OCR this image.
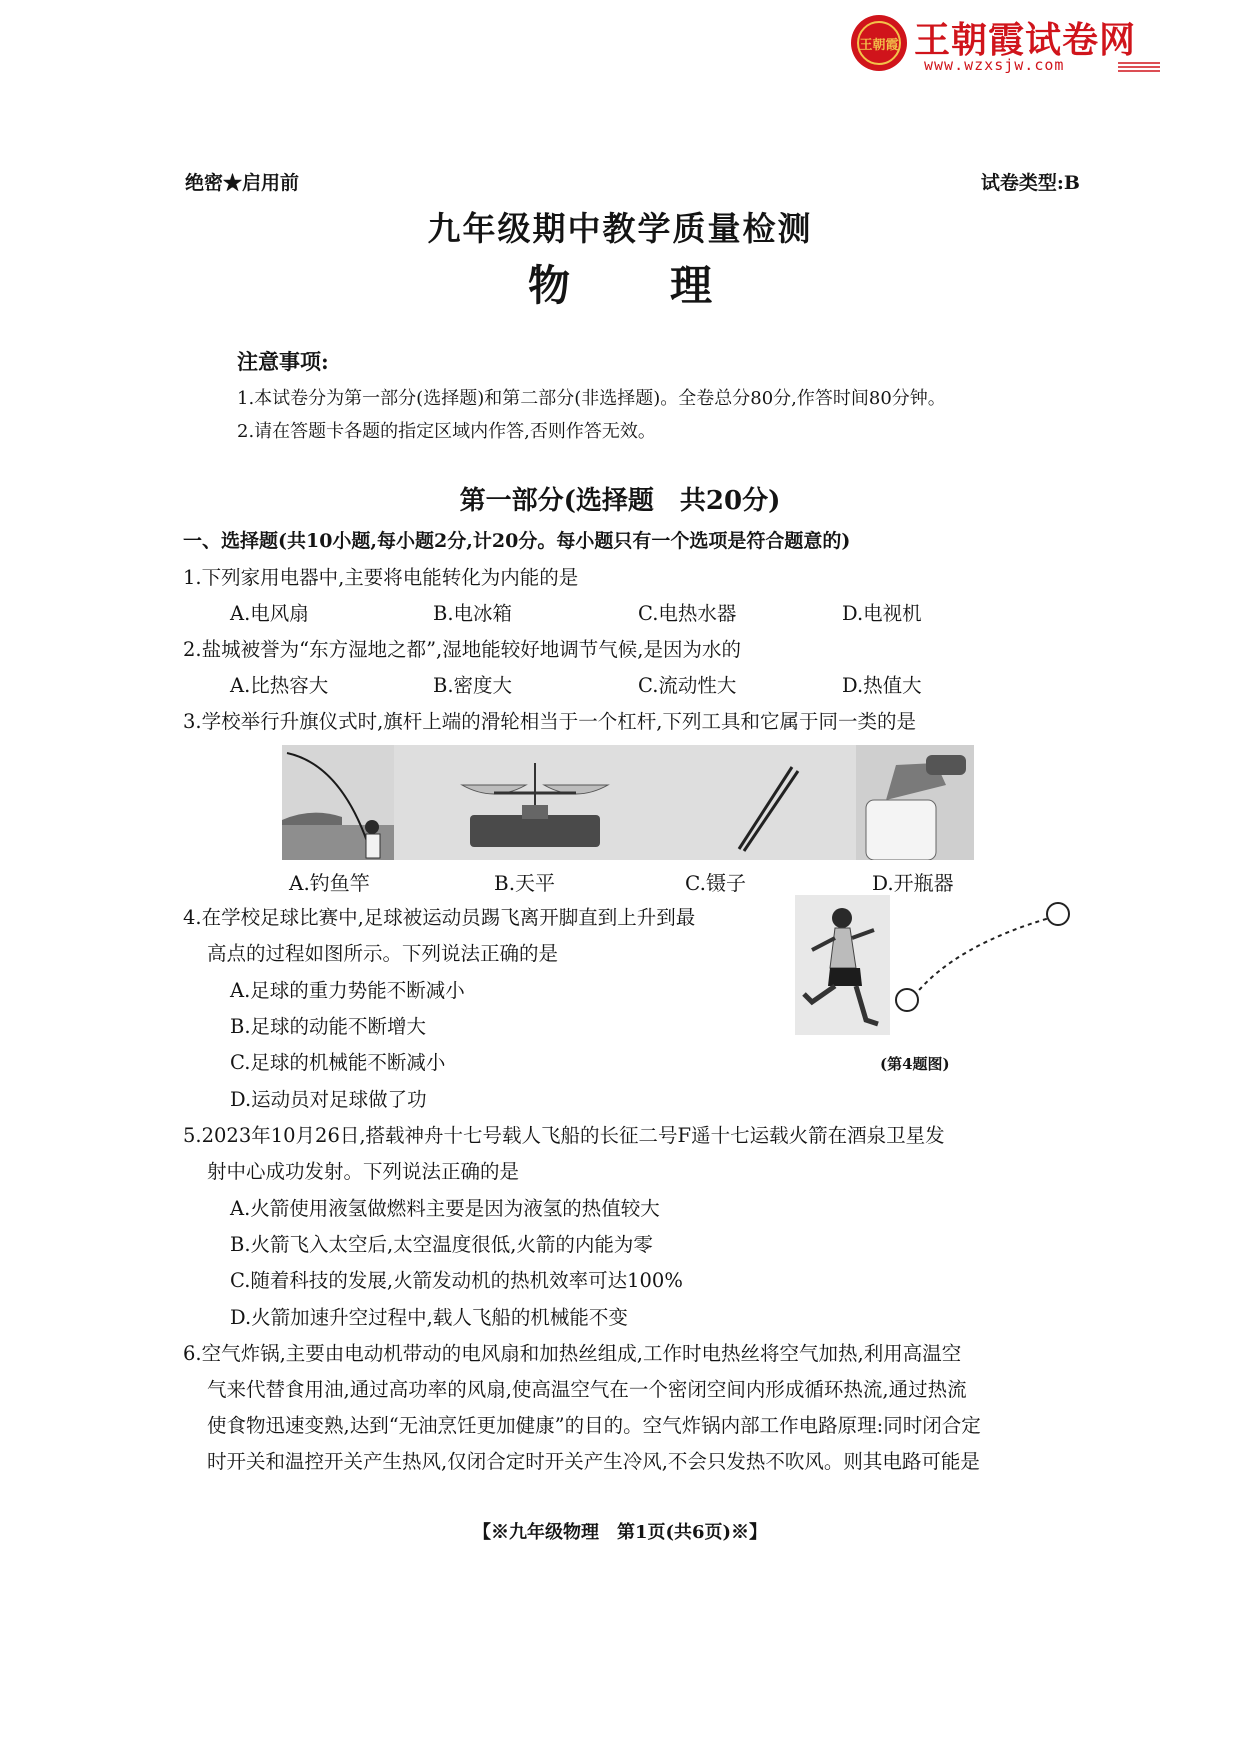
王朝霞 王朝霞试卷网
www.wzxsjw.com
绝密★启用前	试卷类型:B
九年级期中教学质量检测
物 理
注意事项:
1.本试卷分为第一部分(选择题)和第二部分(非选择题)。全卷总分80分,作答时间80分钟。
2.请在答题卡各题的指定区域内作答,否则作答无效。
第一部分(选择题　共20分)
一、选择题(共10小题,每小题2分,计20分。每小题只有一个选项是符合题意的)
1.下列家用电器中,主要将电能转化为内能的是
A.电风扇	B.电冰箱	C.电热水器	D.电视机
2.盐城被誉为“东方湿地之都”,湿地能较好地调节气候,是因为水的
A.比热容大	B.密度大	C.流动性大	D.热值大
3.学校举行升旗仪式时,旗杆上端的滑轮相当于一个杠杆,下列工具和它属于同一类的是
A.钓鱼竿	B.天平	C.镊子	D.开瓶器
4.在学校足球比赛中,足球被运动员踢飞离开脚直到上升到最
高点的过程如图所示。下列说法正确的是
A.足球的重力势能不断减小
B.足球的动能不断增大
C.足球的机械能不断减小
D.运动员对足球做了功
(第4题图)
5.2023年10月26日,搭载神舟十七号载人飞船的长征二号F遥十七运载火箭在酒泉卫星发
射中心成功发射。下列说法正确的是
A.火箭使用液氢做燃料主要是因为液氢的热值较大
B.火箭飞入太空后,太空温度很低,火箭的内能为零
C.随着科技的发展,火箭发动机的热机效率可达100%
D.火箭加速升空过程中,载人飞船的机械能不变
6.空气炸锅,主要由电动机带动的电风扇和加热丝组成,工作时电热丝将空气加热,利用高温空
气来代替食用油,通过高功率的风扇,使高温空气在一个密闭空间内形成循环热流,通过热流
使食物迅速变熟,达到“无油烹饪更加健康”的目的。空气炸锅内部工作电路原理:同时闭合定
时开关和温控开关产生热风,仅闭合定时开关产生冷风,不会只发热不吹风。则其电路可能是
【※九年级物理　第1页(共6页)※】
